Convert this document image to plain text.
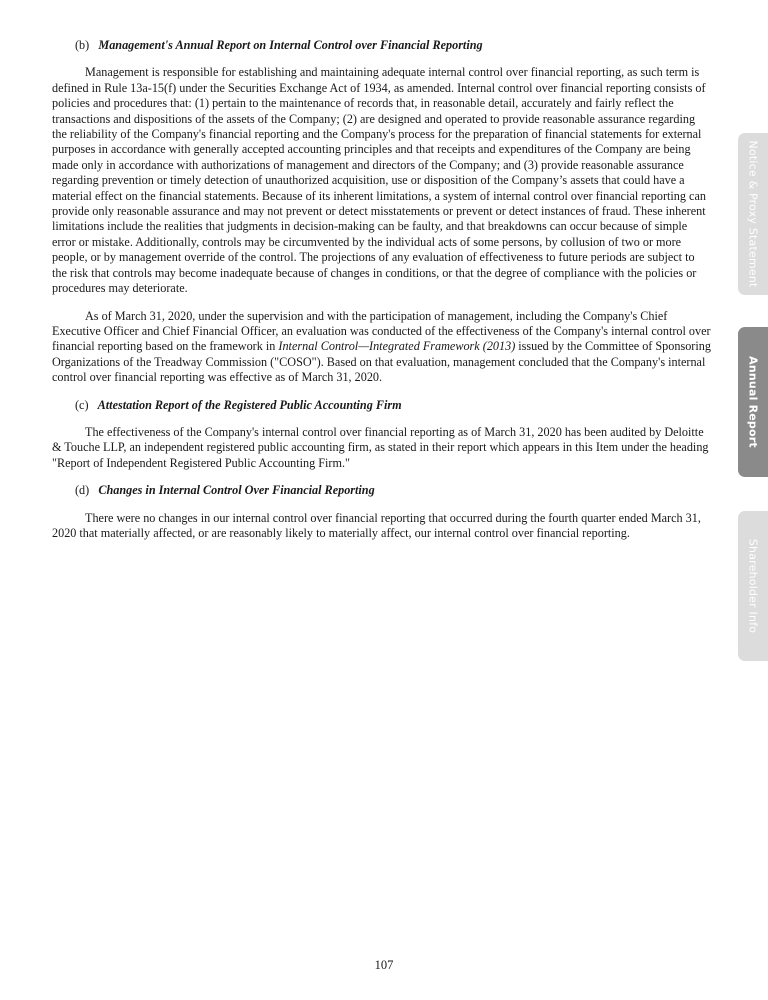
(b) Management's Annual Report on Internal Control over Financial Reporting

Management is responsible for establishing and maintaining adequate internal control over financial reporting, as such term is defined in Rule 13a-15(f) under the Securities Exchange Act of 1934, as amended. Internal control over financial reporting consists of policies and procedures that: (1) pertain to the maintenance of records that, in reasonable detail, accurately and fairly reflect the transactions and dispositions of the assets of the Company; (2) are designed and operated to provide reasonable assurance regarding the reliability of the Company's financial reporting and the Company's process for the preparation of financial statements for external purposes in accordance with generally accepted accounting principles and that receipts and expenditures of the Company are being made only in accordance with authorizations of management and directors of the Company; and (3) provide reasonable assurance regarding prevention or timely detection of unauthorized acquisition, use or disposition of the Company’s assets that could have a material effect on the financial statements. Because of its inherent limitations, a system of internal control over financial reporting can provide only reasonable assurance and may not prevent or detect misstatements or prevent or detect instances of fraud. These inherent limitations include the realities that judgments in decision-making can be faulty, and that breakdowns can occur because of simple error or mistake. Additionally, controls may be circumvented by the individual acts of some persons, by collusion of two or more people, or by management override of the control. The projections of any evaluation of effectiveness to future periods are subject to the risk that controls may become inadequate because of changes in conditions, or that the degree of compliance with the policies or procedures may deteriorate.

As of March 31, 2020, under the supervision and with the participation of management, including the Company's Chief Executive Officer and Chief Financial Officer, an evaluation was conducted of the effectiveness of the Company's internal control over financial reporting based on the framework in Internal Control—Integrated Framework (2013) issued by the Committee of Sponsoring Organizations of the Treadway Commission ("COSO"). Based on that evaluation, management concluded that the Company's internal control over financial reporting was effective as of March 31, 2020.

(c) Attestation Report of the Registered Public Accounting Firm

The effectiveness of the Company's internal control over financial reporting as of March 31, 2020 has been audited by Deloitte & Touche LLP, an independent registered public accounting firm, as stated in their report which appears in this Item under the heading "Report of Independent Registered Public Accounting Firm."

(d) Changes in Internal Control Over Financial Reporting

There were no changes in our internal control over financial reporting that occurred during the fourth quarter ended March 31, 2020 that materially affected, or are reasonably likely to materially affect, our internal control over financial reporting.

Notice & Proxy Statement
Annual Report
Shareholder Info
107
